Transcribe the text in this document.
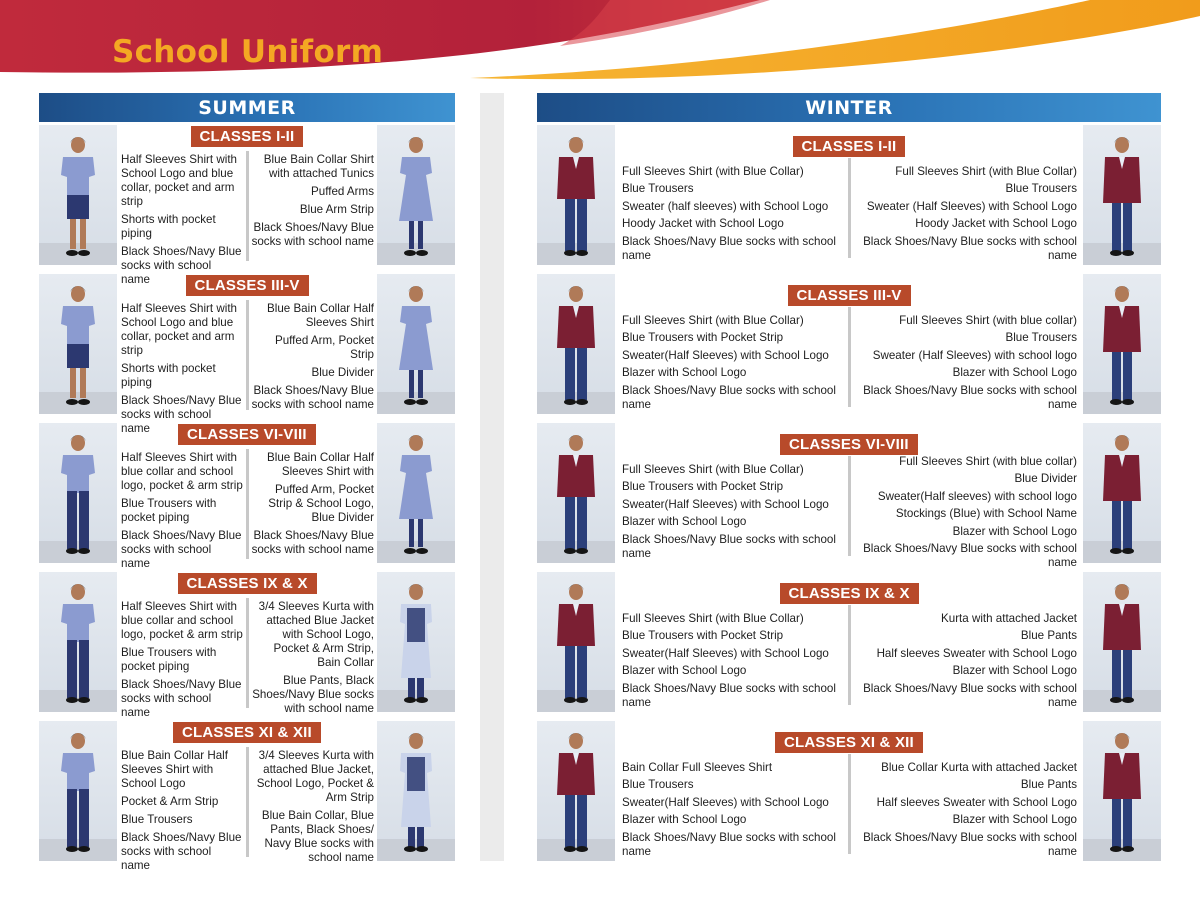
School Uniform
SUMMER
CLASSES I-II

Half Sleeves Shirt with School Logo and blue collar, pocket and arm strip

Shorts with pocket piping

Black Shoes/Navy Blue socks with school name

Blue Bain Collar Shirt with attached Tunics

Puffed Arms

Blue Arm Strip

Black Shoes/Navy Blue socks with school name

CLASSES III-V

Half Sleeves Shirt with School Logo and blue collar, pocket and arm strip

Shorts with pocket piping

Black Shoes/Navy Blue socks with school name

Blue Bain Collar Half Sleeves Shirt

Puffed Arm, Pocket Strip

Blue Divider

Black Shoes/Navy Blue socks with school name

CLASSES VI-VIII

Half Sleeves Shirt with blue collar and school logo, pocket & arm strip

Blue Trousers with pocket piping

Black Shoes/Navy Blue socks with school name

Blue Bain Collar Half Sleeves Shirt with

Puffed Arm, Pocket Strip & School Logo, Blue Divider

Black Shoes/Navy Blue socks with school name

CLASSES IX & X

Half Sleeves Shirt with blue collar and school logo, pocket & arm strip

Blue Trousers with pocket piping

Black Shoes/Navy Blue socks with school name

3/4 Sleeves Kurta with attached Blue Jacket with School Logo, Pocket & Arm Strip, Bain Collar

Blue Pants, Black Shoes/Navy Blue socks with school name

CLASSES XI & XII

Blue Bain Collar Half Sleeves Shirt with School Logo

Pocket & Arm Strip

Blue Trousers

Black Shoes/Navy Blue socks with school name

3/4 Sleeves Kurta with attached Blue Jacket, School Logo, Pocket & Arm Strip

Blue Bain Collar, Blue Pants, Black Shoes/ Navy Blue socks with school name

WINTER
CLASSES I-II

Full Sleeves Shirt (with Blue Collar)

Blue Trousers

Sweater (half sleeves) with School Logo

Hoody Jacket with School Logo

Black Shoes/Navy Blue socks with school name

Full Sleeves Shirt (with Blue Collar)

Blue Trousers

Sweater (Half Sleeves) with School Logo

Hoody Jacket with School Logo

Black Shoes/Navy Blue socks with school name

CLASSES III-V

Full Sleeves Shirt (with Blue Collar)

Blue Trousers with Pocket Strip

Sweater(Half Sleeves) with School Logo

Blazer with School Logo

Black Shoes/Navy Blue socks with school name

Full Sleeves Shirt (with blue collar)

Blue Trousers

Sweater (Half Sleeves) with school logo

Blazer with School Logo

Black Shoes/Navy Blue socks with school name

CLASSES VI-VIII

Full Sleeves Shirt (with Blue Collar)

Blue Trousers with Pocket Strip

Sweater(Half Sleeves) with School Logo

Blazer with School Logo

Black Shoes/Navy Blue socks with school name

Full Sleeves Shirt (with blue collar)

Blue Divider

Sweater(Half sleeves) with school logo

Stockings (Blue) with School Name

Blazer with School Logo

Black Shoes/Navy Blue socks with school name

CLASSES IX & X

Full Sleeves Shirt (with Blue Collar)

Blue Trousers with Pocket Strip

Sweater(Half Sleeves) with School Logo

Blazer with School Logo

Black Shoes/Navy Blue socks with school name

Kurta with attached Jacket

Blue Pants

Half sleeves Sweater with School Logo

Blazer with School Logo

Black Shoes/Navy Blue socks with school name

CLASSES XI & XII

Bain Collar Full Sleeves Shirt

Blue Trousers

Sweater(Half Sleeves) with School Logo

Blazer with School Logo

Black Shoes/Navy Blue socks with school name

Blue Collar Kurta with attached Jacket

Blue Pants

Half sleeves Sweater with School Logo

Blazer with School Logo

Black Shoes/Navy Blue socks with school name
